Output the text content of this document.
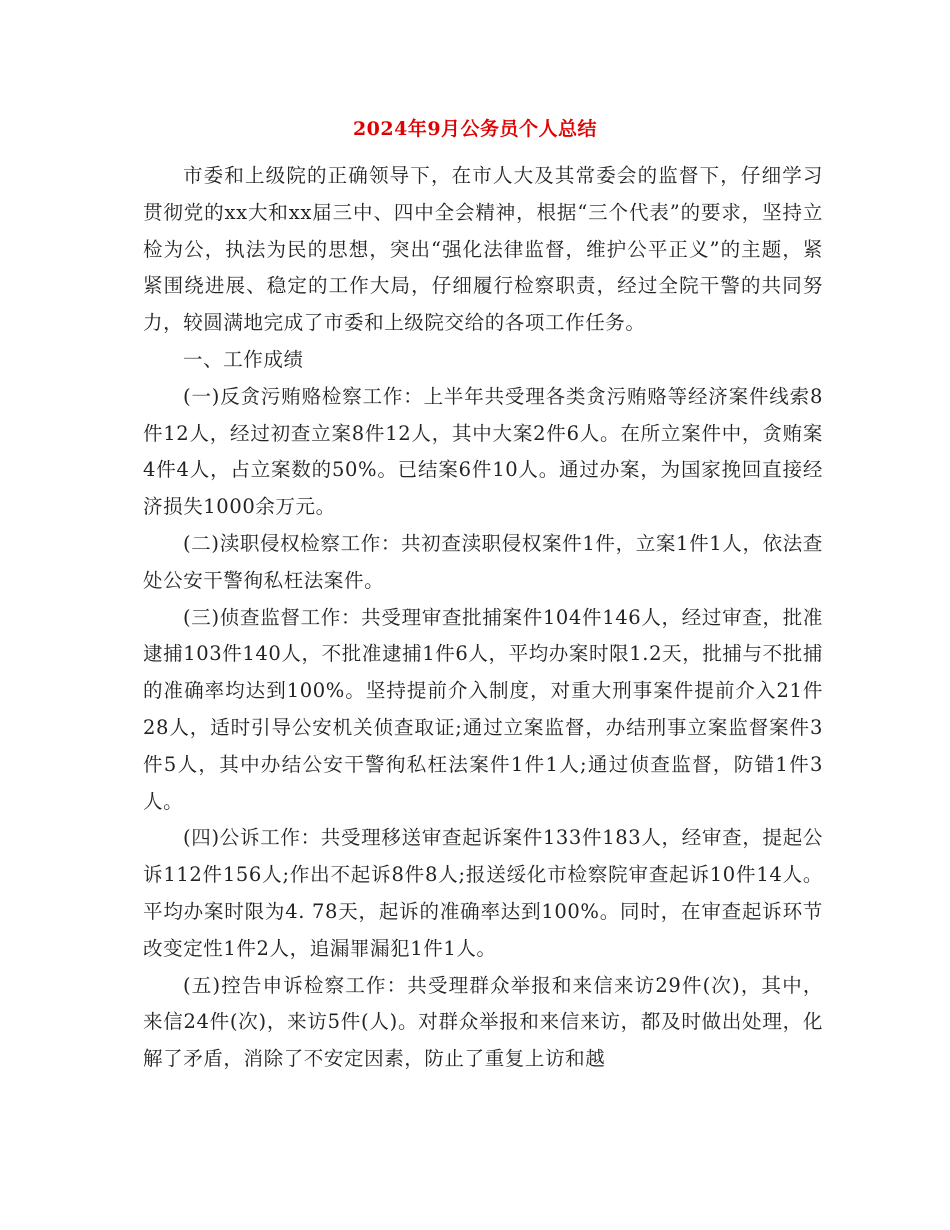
2024年9月公务员个人总结

市委和上级院的正确领导下，在市人大及其常委会的监督下，仔细学习贯彻党的xx大和xx届三中、四中全会精神，根据“三个代表”的要求，坚持立检为公，执法为民的思想，突出“强化法律监督，维护公平正义”的主题，紧紧围绕进展、稳定的工作大局，仔细履行检察职责，经过全院干警的共同努力，较圆满地完成了市委和上级院交给的各项工作任务。

一、工作成绩

(一)反贪污贿赂检察工作：上半年共受理各类贪污贿赂等经济案件线索8件12人，经过初查立案8件12人，其中大案2件6人。在所立案件中，贪贿案4件4人，占立案数的50%。已结案6件10人。通过办案，为国家挽回直接经济损失1000余万元。

(二)渎职侵权检察工作：共初查渎职侵权案件1件，立案1件1人，依法查处公安干警徇私枉法案件。

(三)侦查监督工作：共受理审查批捕案件104件146人，经过审查，批准逮捕103件140人，不批准逮捕1件6人，平均办案时限1.2天，批捕与不批捕的准确率均达到100%。坚持提前介入制度，对重大刑事案件提前介入21件28人，适时引导公安机关侦查取证;通过立案监督，办结刑事立案监督案件3件5人，其中办结公安干警徇私枉法案件1件1人;通过侦查监督，防错1件3人。

(四)公诉工作：共受理移送审查起诉案件133件183人，经审查，提起公诉112件156人;作出不起诉8件8人;报送绥化市检察院审查起诉10件14人。平均办案时限为4. 78天，起诉的准确率达到100%。同时，在审查起诉环节改变定性1件2人，追漏罪漏犯1件1人。

(五)控告申诉检察工作：共受理群众举报和来信来访29件(次)，其中，来信24件(次)，来访5件(人)。对群众举报和来信来访，都及时做出处理，化解了矛盾，消除了不安定因素，防止了重复上访和越
